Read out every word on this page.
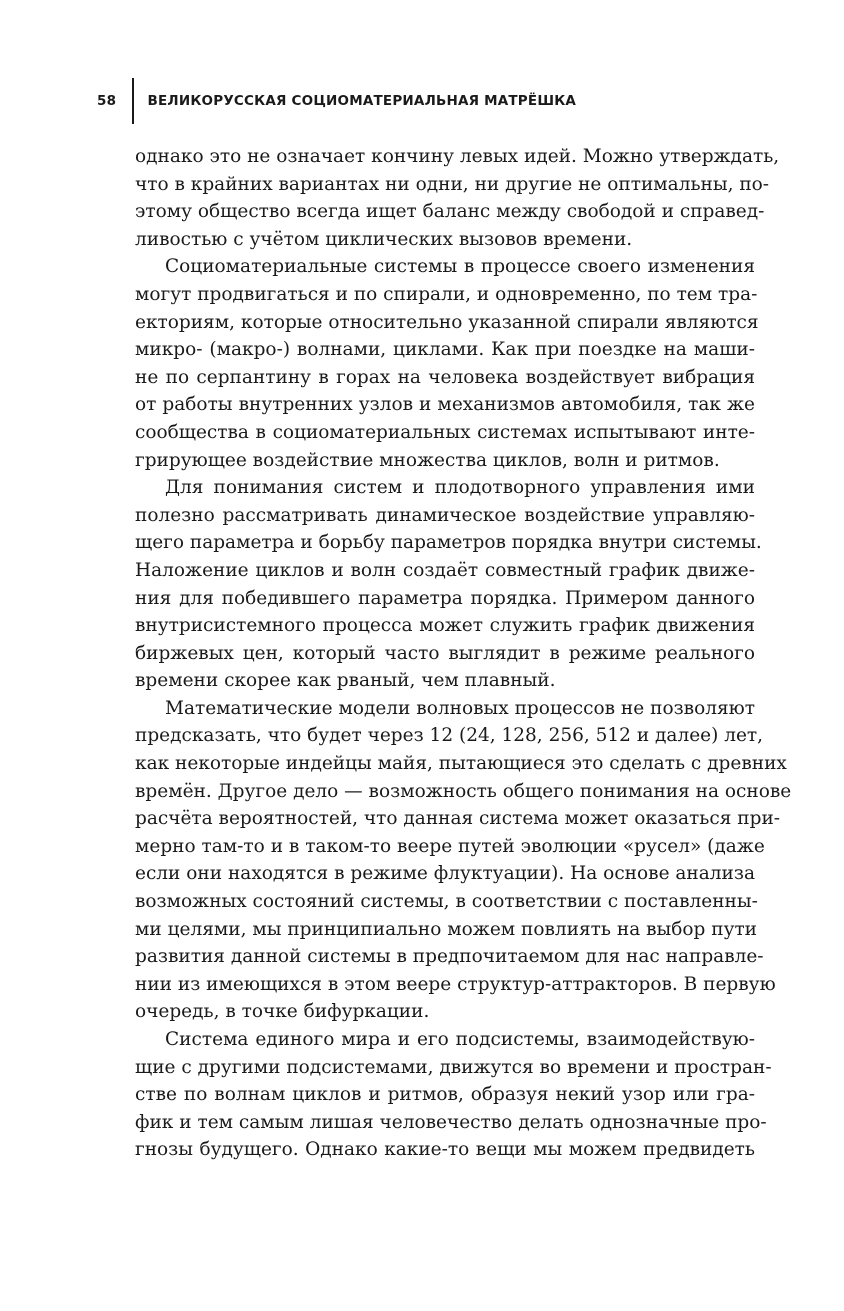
58	ВЕЛИКОРУССКАЯ СОЦИОМАТЕРИАЛЬНАЯ МАТРЁШКА
однако это не означает кончину левых идей. Можно утверждать,
что в крайних вариантах ни одни, ни другие не оптимальны, по-
этому общество всегда ищет баланс между свободой и справед-
ливостью с учётом циклических вызовов времени.
Социоматериальные системы в процессе своего изменения
могут продвигаться и по спирали, и одновременно, по тем тра-
екториям, которые относительно указанной спирали являются
микро- (макро-) волнами, циклами. Как при поездке на маши-
не по серпантину в горах на человека воздействует вибрация
от работы внутренних узлов и механизмов автомобиля, так же
сообщества в социоматериальных системах испытывают инте-
грирующее воздействие множества циклов, волн и ритмов.
Для понимания систем и плодотворного управления ими
полезно рассматривать динамическое воздействие управляю-
щего параметра и борьбу параметров порядка внутри системы.
Наложение циклов и волн создаёт совместный график движе-
ния для победившего параметра порядка. Примером данного
внутрисистемного процесса может служить график движения
биржевых цен, который часто выглядит в режиме реального
времени скорее как рваный, чем плавный.
Математические модели волновых процессов не позволяют
предсказать, что будет через 12 (24, 128, 256, 512 и далее) лет,
как некоторые индейцы майя, пытающиеся это сделать с древних
времён. Другое дело — возможность общего понимания на основе
расчёта вероятностей, что данная система может оказаться при-
мерно там-то и в таком-то веере путей эволюции «русел» (даже
если они находятся в режиме флуктуации). На основе анализа
возможных состояний системы, в соответствии с поставленны-
ми целями, мы принципиально можем повлиять на выбор пути
развития данной системы в предпочитаемом для нас направле-
нии из имеющихся в этом веере структур-аттракторов. В первую
очередь, в точке бифуркации.
Система единого мира и его подсистемы, взаимодействую-
щие с другими подсистемами, движутся во времени и простран-
стве по волнам циклов и ритмов, образуя некий узор или гра-
фик и тем самым лишая человечество делать однозначные про-
гнозы будущего. Однако какие-то вещи мы можем предвидеть
